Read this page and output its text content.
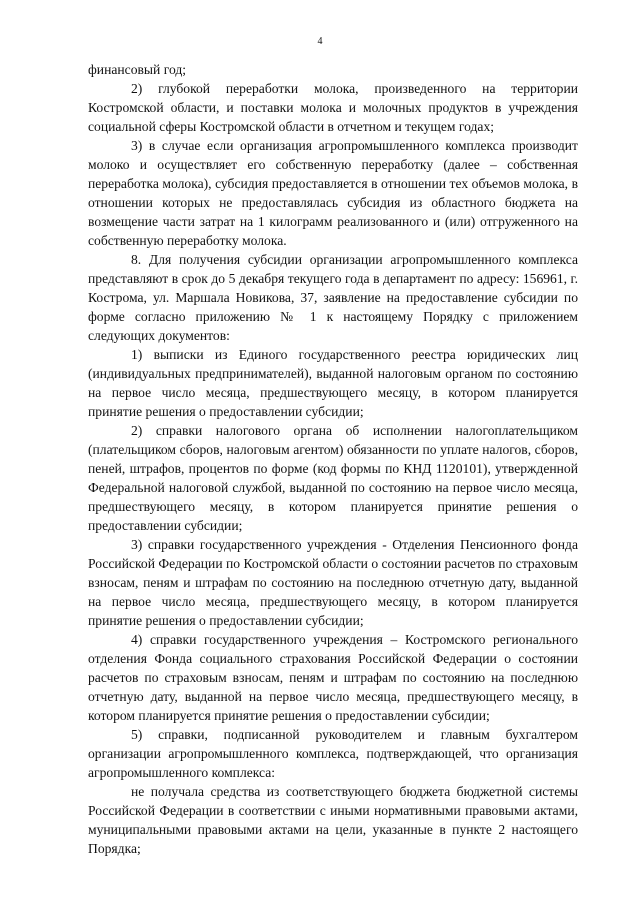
4

финансовый год;

2) глубокой переработки молока, произведенного на территории Костромской области, и поставки молока и молочных продуктов в учреждения социальной сферы Костромской области в отчетном и текущем годах;

3) в случае если организация агропромышленного комплекса производит молоко и осуществляет его собственную переработку (далее – собственная переработка молока), субсидия предоставляется в отношении тех объемов молока, в отношении которых не предоставлялась субсидия из областного бюджета на возмещение части затрат на 1 килограмм реализованного и (или) отгруженного на собственную переработку молока.

8. Для получения субсидии организации агропромышленного комплекса представляют в срок до 5 декабря текущего года в департамент по адресу: 156961, г. Кострома, ул. Маршала Новикова, 37, заявление на предоставление субсидии по форме согласно приложению № 1 к настоящему Порядку с приложением следующих документов:

1) выписки из Единого государственного реестра юридических лиц (индивидуальных предпринимателей), выданной налоговым органом по состоянию на первое число месяца, предшествующего месяцу, в котором планируется принятие решения о предоставлении субсидии;

2) справки налогового органа об исполнении налогоплательщиком (плательщиком сборов, налоговым агентом) обязанности по уплате налогов, сборов, пеней, штрафов, процентов по форме (код формы по КНД 1120101), утвержденной Федеральной налоговой службой, выданной по состоянию на первое число месяца, предшествующего месяцу, в котором планируется принятие решения о предоставлении субсидии;

3) справки государственного учреждения - Отделения Пенсионного фонда Российской Федерации по Костромской области о состоянии расчетов по страховым взносам, пеням и штрафам по состоянию на последнюю отчетную дату, выданной на первое число месяца, предшествующего месяцу, в котором планируется принятие решения о предоставлении субсидии;

4) справки государственного учреждения – Костромского регионального отделения Фонда социального страхования Российской Федерации о состоянии расчетов по страховым взносам, пеням и штрафам по состоянию на последнюю отчетную дату, выданной на первое число месяца, предшествующего месяцу, в котором планируется принятие решения о предоставлении субсидии;

5) справки, подписанной руководителем и главным бухгалтером организации агропромышленного комплекса, подтверждающей, что организация агропромышленного комплекса:

не получала средства из соответствующего бюджета бюджетной системы Российской Федерации в соответствии с иными нормативными правовыми актами, муниципальными правовыми актами на цели, указанные в пункте 2 настоящего Порядка;
